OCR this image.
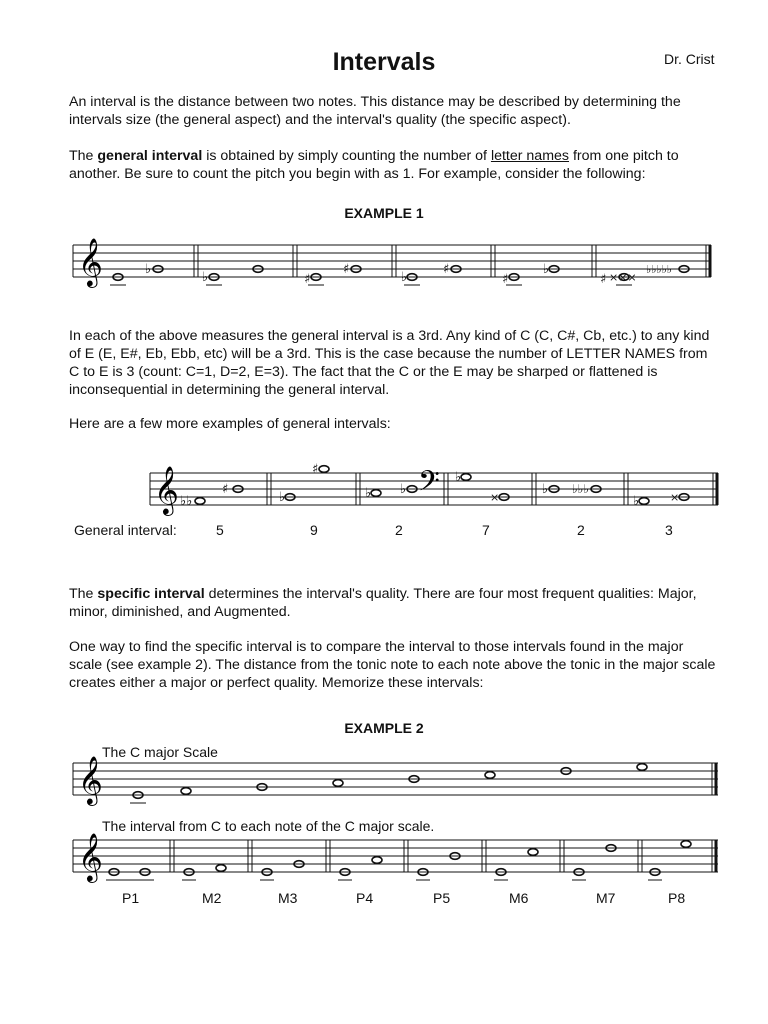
Intervals	Dr. Crist

An interval is the distance between two notes. This distance may be described by determining the intervals size (the general aspect) and the interval's quality (the specific aspect).

The general interval is obtained by simply counting the number of letter names from one pitch to another. Be sure to count the pitch you begin with as 1. For example, consider the following:

EXAMPLE 1
𝄞	♭
♭	♯
♯
♭
♯
♯
♭
♯ ×××
♭♭♭♭♭

In each of the above measures the general interval is a 3rd. Any kind of C (C, C#, Cb, etc.) to any kind of E (E, E#, Eb, Ebb, etc) will be a 3rd. This is the case because the number of LETTER NAMES from C to E is 3 (count: C=1, D=2, E=3). The fact that the C or the E may be sharped or flattened is inconsequential in determining the general interval.

Here are a few more examples of general intervals:

𝄞	𝄢
♭♭
♯
♭
♯
♭ ♭
♭
×
♭ ♭♭♭
♭	×
General interval:	5	9	2	7	2	3

The specific interval determines the interval's quality. There are four most frequent qualities: Major, minor, diminished, and Augmented.

One way to find the specific interval is to compare the interval to those intervals found in the major scale (see example 2). The distance from the tonic note to each note above the tonic in the major scale creates either a major or perfect quality. Memorize these intervals:

EXAMPLE 2
The C major Scale
𝄞
The interval from C to each note of the C major scale.
𝄞
P1	M2	M3	P4	P5	M6	M7	P8
